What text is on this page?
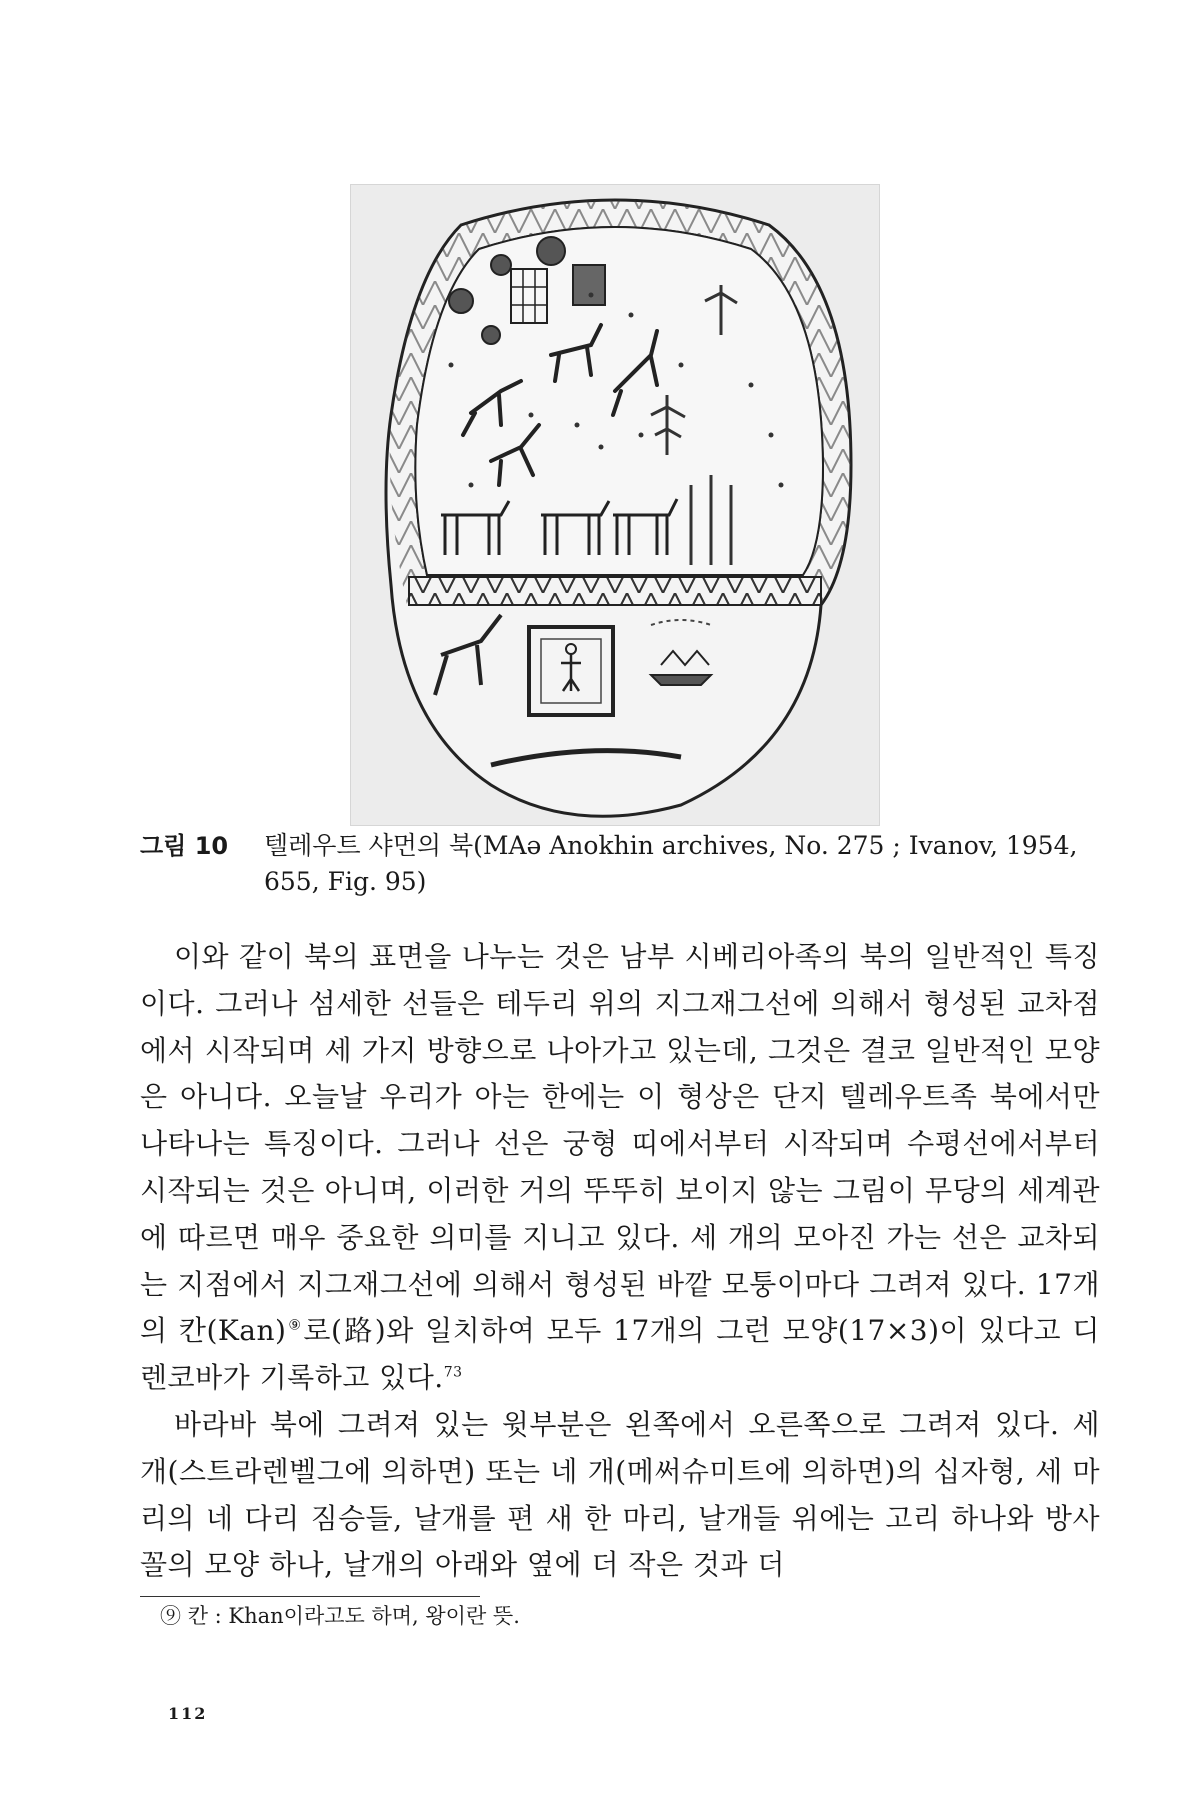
그림 10 텔레우트 샤먼의 북(MAə Anokhin archives, No. 275 ; Ivanov, 1954, 655, Fig. 95)

이와 같이 북의 표면을 나누는 것은 남부 시베리아족의 북의 일반적인 특징이다. 그러나 섬세한 선들은 테두리 위의 지그재그선에 의해서 형성된 교차점에서 시작되며 세 가지 방향으로 나아가고 있는데, 그것은 결코 일반적인 모양은 아니다. 오늘날 우리가 아는 한에는 이 형상은 단지 텔레우트족 북에서만 나타나는 특징이다. 그러나 선은 궁형 띠에서부터 시작되며 수평선에서부터 시작되는 것은 아니며, 이러한 거의 뚜뚜히 보이지 않는 그림이 무당의 세계관에 따르면 매우 중요한 의미를 지니고 있다. 세 개의 모아진 가는 선은 교차되는 지점에서 지그재그선에 의해서 형성된 바깥 모퉁이마다 그려져 있다. 17개의 칸(Kan)⑨로(路)와 일치하여 모두 17개의 그런 모양(17×3)이 있다고 디렌코바가 기록하고 있다.$^{73}$

바라바 북에 그려져 있는 윗부분은 왼쪽에서 오른쪽으로 그려져 있다. 세 개(스트라렌벨그에 의하면) 또는 네 개(메써슈미트에 의하면)의 십자형, 세 마리의 네 다리 짐승들, 날개를 편 새 한 마리, 날개들 위에는 고리 하나와 방사꼴의 모양 하나, 날개의 아래와 옆에 더 작은 것과 더

⑨ 칸 : Khan이라고도 하며, 왕이란 뜻.
112
